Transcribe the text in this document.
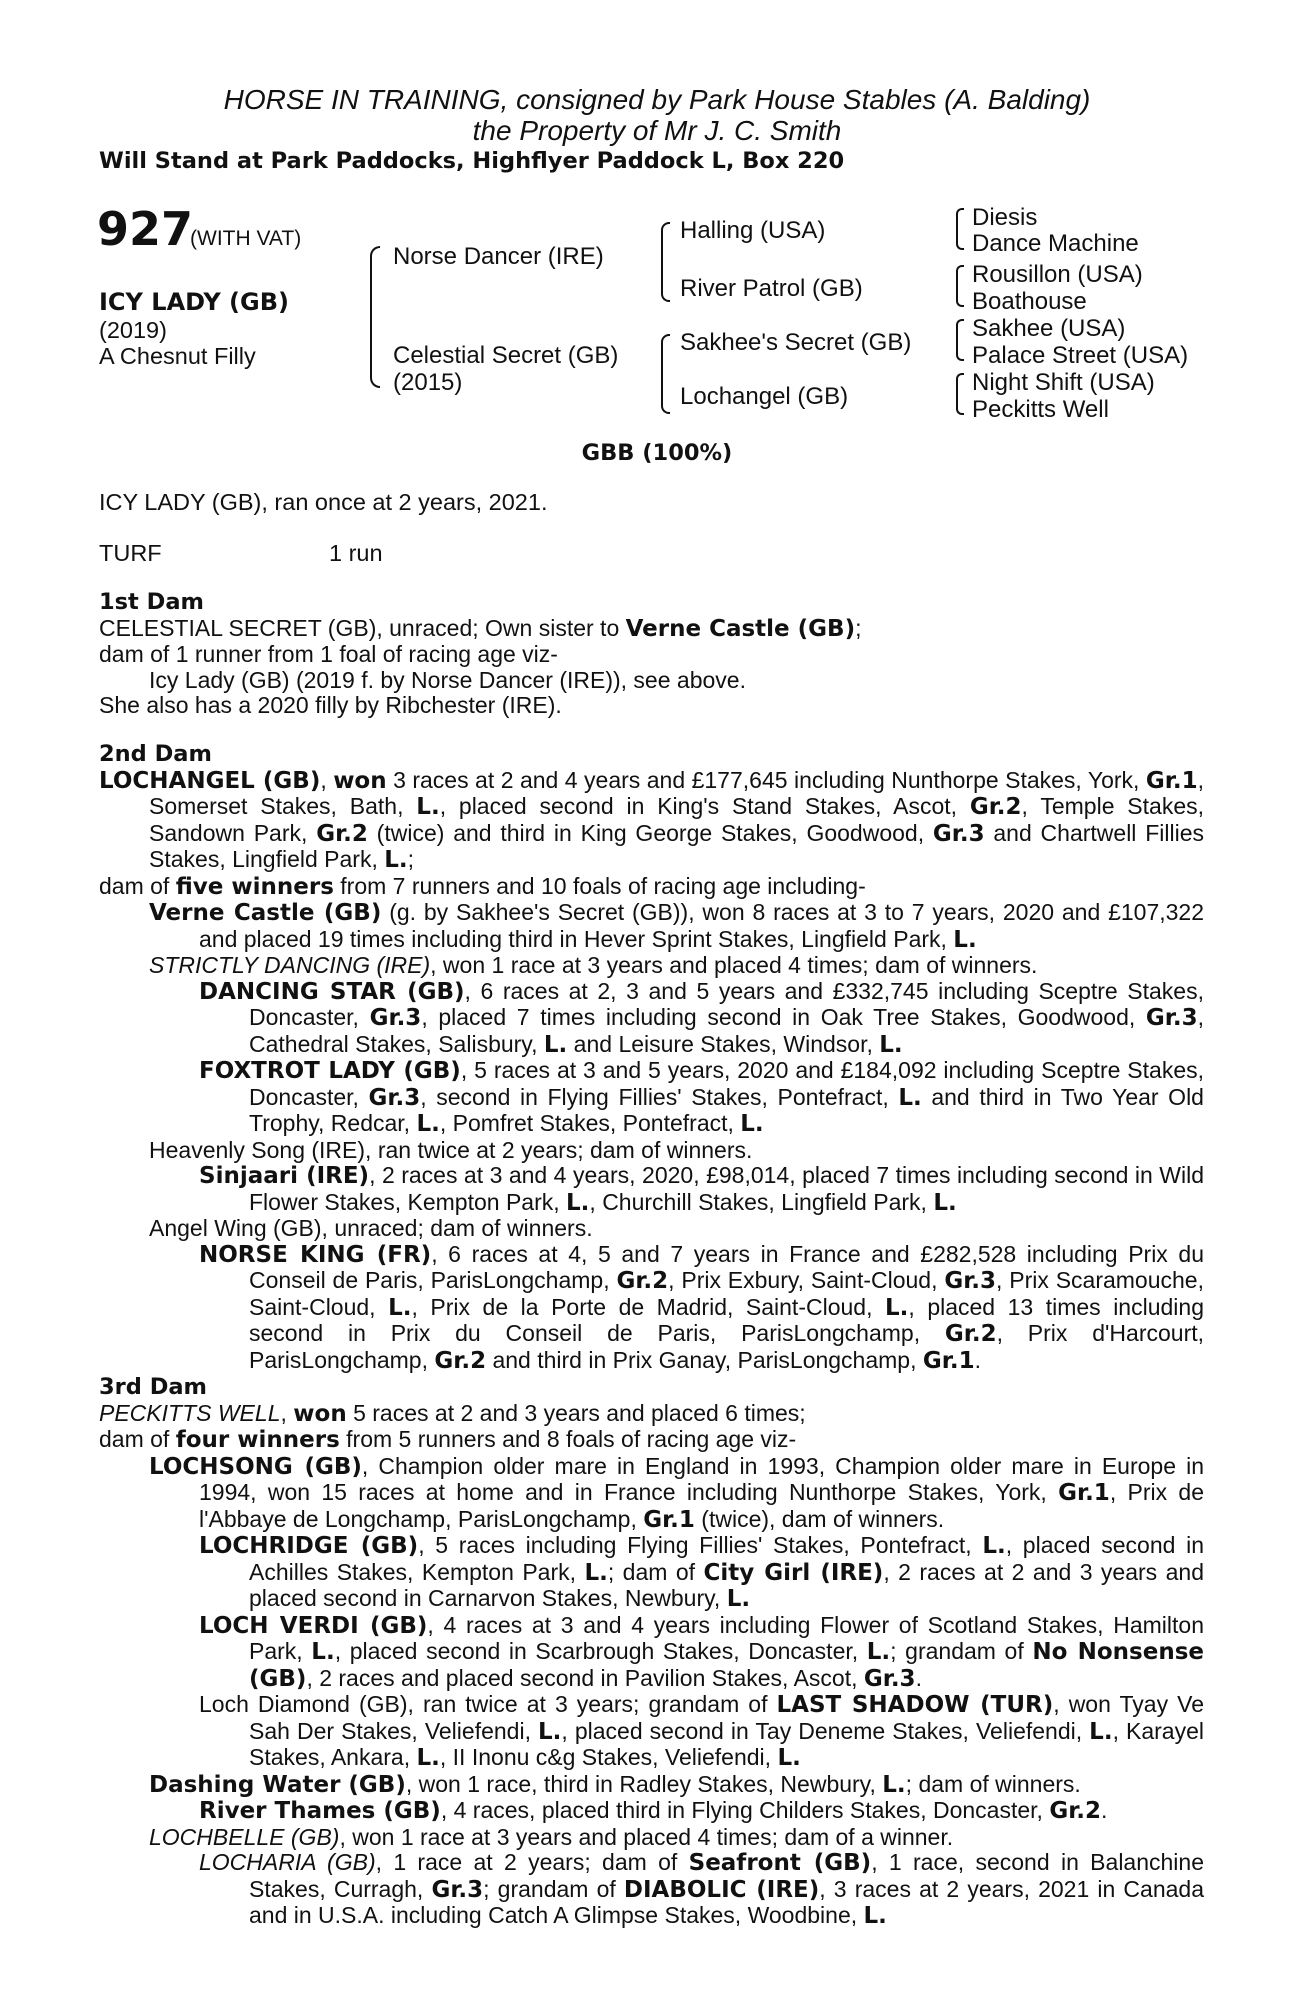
HORSE IN TRAINING, consigned by Park House Stables (A. Balding)
the Property of Mr J. C. Smith
Will Stand at Park Paddocks, Highflyer Paddock L, Box 220
927
(WITH VAT)
ICY LADY (GB)
(2019)
A Chesnut Filly
Norse Dancer (IRE)
Celestial Secret (GB)
(2015)
Halling (USA)
River Patrol (GB)
Sakhee's Secret (GB)
Lochangel (GB)
Diesis
Dance Machine
Rousillon (USA)
Boathouse
Sakhee (USA)
Palace Street (USA)
Night Shift (USA)
Peckitts Well
GBB (100%)
ICY LADY (GB), ran once at 2 years, 2021.
TURF	1 run
1st Dam
CELESTIAL SECRET (GB), unraced; Own sister to Verne Castle (GB);
dam of 1 runner from 1 foal of racing age viz-
Icy Lady (GB) (2019 f. by Norse Dancer (IRE)), see above.
She also has a 2020 filly by Ribchester (IRE).
2nd Dam

LOCHANGEL (GB), won 3 races at 2 and 4 years and £177,645 including Nunthorpe Stakes, York, Gr.1, Somerset Stakes, Bath, L., placed second in King's Stand Stakes, Ascot, Gr.2, Temple Stakes, Sandown Park, Gr.2 (twice) and third in King George Stakes, Goodwood, Gr.3 and Chartwell Fillies Stakes, Lingfield Park, L.;

dam of five winners from 7 runners and 10 foals of racing age including-

Verne Castle (GB) (g. by Sakhee's Secret (GB)), won 8 races at 3 to 7 years, 2020 and £107,322 and placed 19 times including third in Hever Sprint Stakes, Lingfield Park, L.

STRICTLY DANCING (IRE), won 1 race at 3 years and placed 4 times; dam of winners.

DANCING STAR (GB), 6 races at 2, 3 and 5 years and £332,745 including Sceptre Stakes, Doncaster, Gr.3, placed 7 times including second in Oak Tree Stakes, Goodwood, Gr.3, Cathedral Stakes, Salisbury, L. and Leisure Stakes, Windsor, L.

FOXTROT LADY (GB), 5 races at 3 and 5 years, 2020 and £184,092 including Sceptre Stakes, Doncaster, Gr.3, second in Flying Fillies' Stakes, Pontefract, L. and third in Two Year Old Trophy, Redcar, L., Pomfret Stakes, Pontefract, L.

Heavenly Song (IRE), ran twice at 2 years; dam of winners.

Sinjaari (IRE), 2 races at 3 and 4 years, 2020, £98,014, placed 7 times including second in Wild Flower Stakes, Kempton Park, L., Churchill Stakes, Lingfield Park, L.

Angel Wing (GB), unraced; dam of winners.

NORSE KING (FR), 6 races at 4, 5 and 7 years in France and £282,528 including Prix du Conseil de Paris, ParisLongchamp, Gr.2, Prix Exbury, Saint-Cloud, Gr.3, Prix Scaramouche, Saint-Cloud, L., Prix de la Porte de Madrid, Saint-Cloud, L., placed 13 times including second in Prix du Conseil de Paris, ParisLongchamp, Gr.2, Prix d'Harcourt, ParisLongchamp, Gr.2 and third in Prix Ganay, ParisLongchamp, Gr.1.

3rd Dam

PECKITTS WELL, won 5 races at 2 and 3 years and placed 6 times;

dam of four winners from 5 runners and 8 foals of racing age viz-

LOCHSONG (GB), Champion older mare in England in 1993, Champion older mare in Europe in 1994, won 15 races at home and in France including Nunthorpe Stakes, York, Gr.1, Prix de l'Abbaye de Longchamp, ParisLongchamp, Gr.1 (twice), dam of winners.

LOCHRIDGE (GB), 5 races including Flying Fillies' Stakes, Pontefract, L., placed second in Achilles Stakes, Kempton Park, L.; dam of City Girl (IRE), 2 races at 2 and 3 years and placed second in Carnarvon Stakes, Newbury, L.

LOCH VERDI (GB), 4 races at 3 and 4 years including Flower of Scotland Stakes, Hamilton Park, L., placed second in Scarbrough Stakes, Doncaster, L.; grandam of No Nonsense (GB), 2 races and placed second in Pavilion Stakes, Ascot, Gr.3.

Loch Diamond (GB), ran twice at 3 years; grandam of LAST SHADOW (TUR), won Tyay Ve Sah Der Stakes, Veliefendi, L., placed second in Tay Deneme Stakes, Veliefendi, L., Karayel Stakes, Ankara, L., II Inonu c&g Stakes, Veliefendi, L.

Dashing Water (GB), won 1 race, third in Radley Stakes, Newbury, L.; dam of winners.

River Thames (GB), 4 races, placed third in Flying Childers Stakes, Doncaster, Gr.2.

LOCHBELLE (GB), won 1 race at 3 years and placed 4 times; dam of a winner.

LOCHARIA (GB), 1 race at 2 years; dam of Seafront (GB), 1 race, second in Balanchine Stakes, Curragh, Gr.3; grandam of DIABOLIC (IRE), 3 races at 2 years, 2021 in Canada and in U.S.A. including Catch A Glimpse Stakes, Woodbine, L.
